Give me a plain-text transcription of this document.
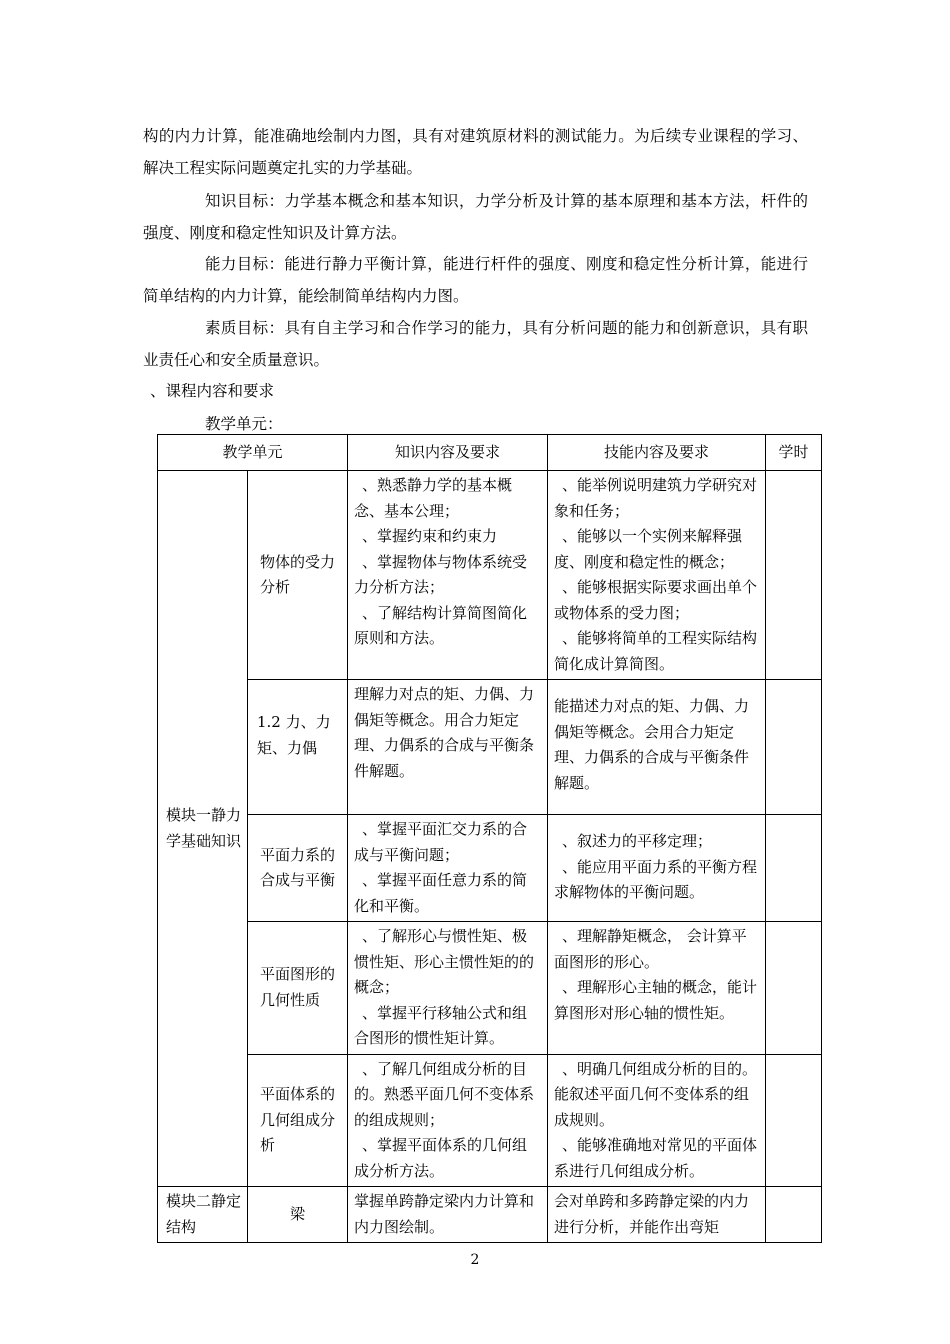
构的内力计算，能准确地绘制内力图，具有对建筑原材料的测试能力。为后续专业课程的学习、解决工程实际问题奠定扎实的力学基础。

知识目标：力学基本概念和基本知识，力学分析及计算的基本原理和基本方法，杆件的强度、刚度和稳定性知识及计算方法。

能力目标：能进行静力平衡计算，能进行杆件的强度、刚度和稳定性分析计算，能进行简单结构的内力计算，能绘制简单结构内力图。

素质目标：具有自主学习和合作学习的能力，具有分析问题的能力和创新意识，具有职业责任心和安全质量意识。

、课程内容和要求

教学单元：

教学单元		知识内容及要求	技能内容及要求	学时
模块一静力学基础知识	物体的受力分析	、熟悉静力学的基本概念、基本公理；
、掌握约束和约束力
、掌握物体与物体系统受力分析方法；
、了解结构计算简图简化原则和方法。	、能举例说明建筑力学研究对象和任务；
、能够以一个实例来解释强度、刚度和稳定性的概念；
、能够根据实际要求画出单个或物体系的受力图；
、能够将简单的工程实际结构简化成计算简图。	

	1.2 力、力矩、力偶	理解力对点的矩、力偶、力偶矩等概念。用合力矩定理、力偶系的合成与平衡条件解题。	能描述力对点的矩、力偶、力偶矩等概念。会用合力矩定理、力偶系的合成与平衡条件解题。	

	平面力系的合成与平衡	、掌握平面汇交力系的合成与平衡问题；
、掌握平面任意力系的简化和平衡。	、叙述力的平移定理；
、能应用平面力系的平衡方程求解物体的平衡问题。	

	平面图形的几何性质	、了解形心与惯性矩、极惯性矩、形心主惯性矩的的概念；
、掌握平行移轴公式和组合图形的惯性矩计算。	、理解静矩概念， 会计算平面图形的形心。
、理解形心主轴的概念，能计算图形对形心轴的惯性矩。	

	平面体系的几何组成分析	、了解几何组成分析的目的。熟悉平面几何不变体系的组成规则；
、掌握平面体系的几何组成分析方法。	、明确几何组成分析的目的。能叙述平面几何不变体系的组成规则。
、能够准确地对常见的平面体系进行几何组成分析。	

模块二静定结构	梁	掌握单跨静定梁内力计算和内力图绘制。	会对单跨和多跨静定梁的内力进行分析，并能作出弯矩	

2
